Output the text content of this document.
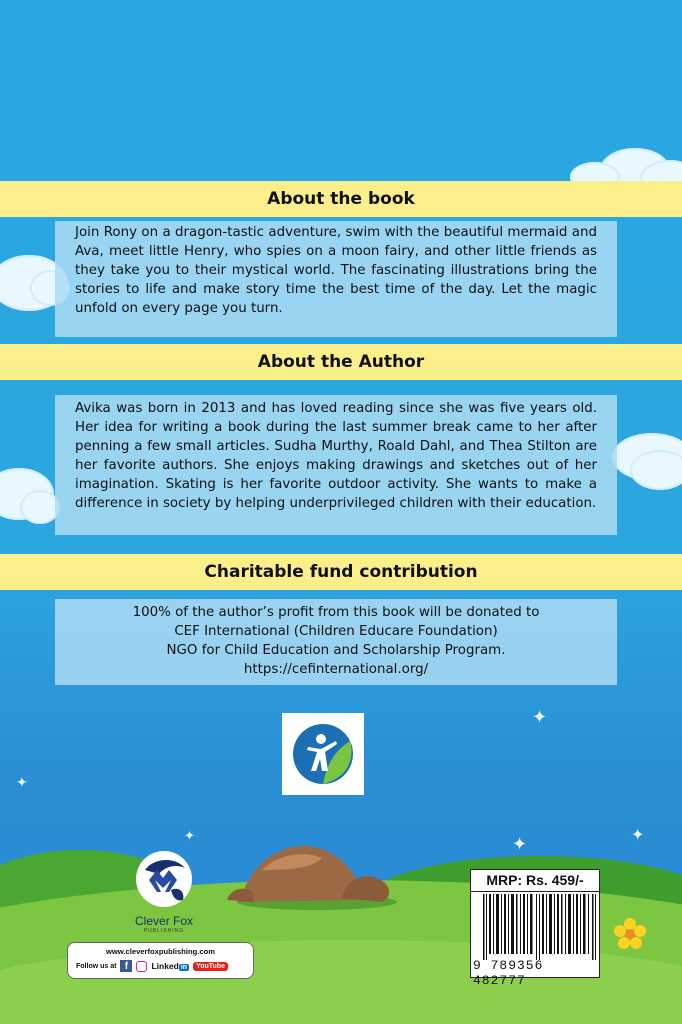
✦
✦
✦
✦
✦
About the book
Join Rony on a dragon-tastic adventure, swim with the beautiful mermaid and Ava, meet little Henry, who spies on a moon fairy, and other little friends as they take you to their mystical world. The fascinating illustrations bring the stories to life and make story time the best time of the day. Let the magic unfold on every page you turn.
About the Author
Avika was born in 2013 and has loved reading since she was five years old. Her idea for writing a book during the last summer break came to her after penning a few small articles. Sudha Murthy, Roald Dahl, and Thea Stilton are her favorite authors. She enjoys making drawings and sketches out of her imagination. Skating is her favorite outdoor activity. She wants to make a difference in society by helping underprivileged children with their education.
Charitable fund contribution
100% of the author’s profit from this book will be donated to
CEF International (Children Educare Foundation)
NGO for Child Education and Scholarship Program.
https://cefinternational.org/
Clever Fox
PUBLISHING
www.cleverfoxpublishing.com
Follow us at f	Linked in	YouTube
MRP: Rs. 459/-
9 789356 482777
